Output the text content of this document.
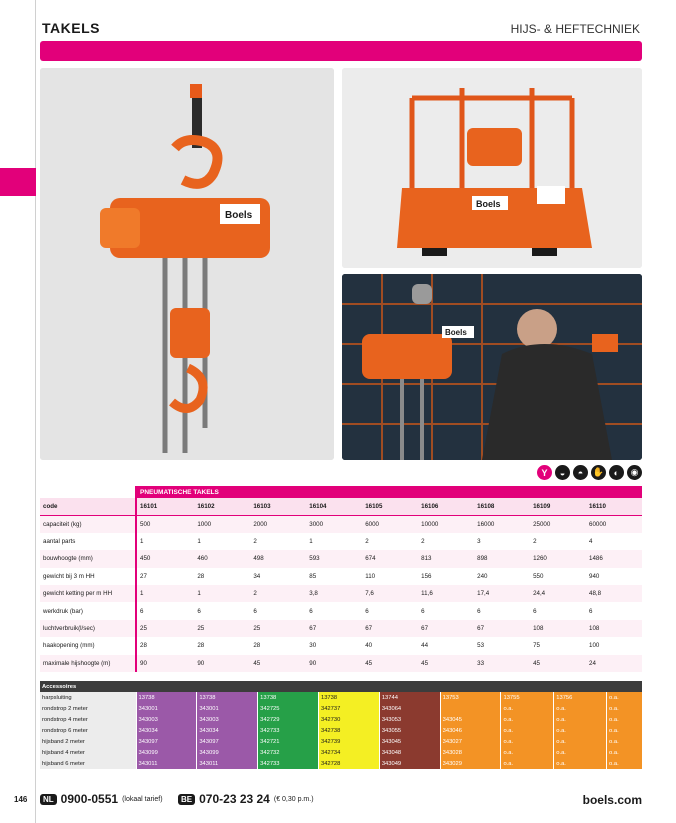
TAKELS	HIJS- & HEFTECHNIEK
Boels
Boels
Boels
Y	◒	◓	✋	◐	◉
	PNEUMATISCHE TAKELS								
code	16101	16102	16103	16104	16105	16106	16108	16109	16110
capaciteit (kg)	500	1000	2000	3000	6000	10000	16000	25000	60000
aantal parts	1	1	2	1	2	2	3	2	4
bouwhoogte (mm)	450	460	498	593	674	813	898	1260	1486
gewicht bij 3 m HH	27	28	34	85	110	156	240	550	940
gewicht ketting per m HH	1	1	2	3,8	7,6	11,6	17,4	24,4	48,8
werkdruk (bar)	6	6	6	6	6	6	6	6	6
luchtverbruik(l/sec)	25	25	25	67	67	67	67	108	108
haakopening (mm)	28	28	28	30	40	44	53	75	100
maximale hijshoogte (m)	90	90	45	90	45	45	33	45	24
Accessoires									
harpsluiting	13738	13738	13738	13738	13744	13753	13755	13756	o.a.
rondstrop 2 meter	343001	343001	342725	342737	343064		o.a.	o.a.	o.a.
rondstrop 4 meter	343003	343003	342729	342730	343053	343045	o.a.	o.a.	o.a.
rondstrop 6 meter	343034	343034	342733	342738	343055	343046	o.a.	o.a.	o.a.
hijsband 2 meter	343097	343097	342721	342739	343045	343027	o.a.	o.a.	o.a.
hijsband 4 meter	343099	343099	342732	342734	343048	343028	o.a.	o.a.	o.a.
hijsband 6 meter	343011	343011	342733	342728	343049	343029	o.a.	o.a.	o.a.
146	NL 0900-0551 (lokaal tarief)	BE 070-23 23 24 (€ 0,30 p.m.)	boels.com
